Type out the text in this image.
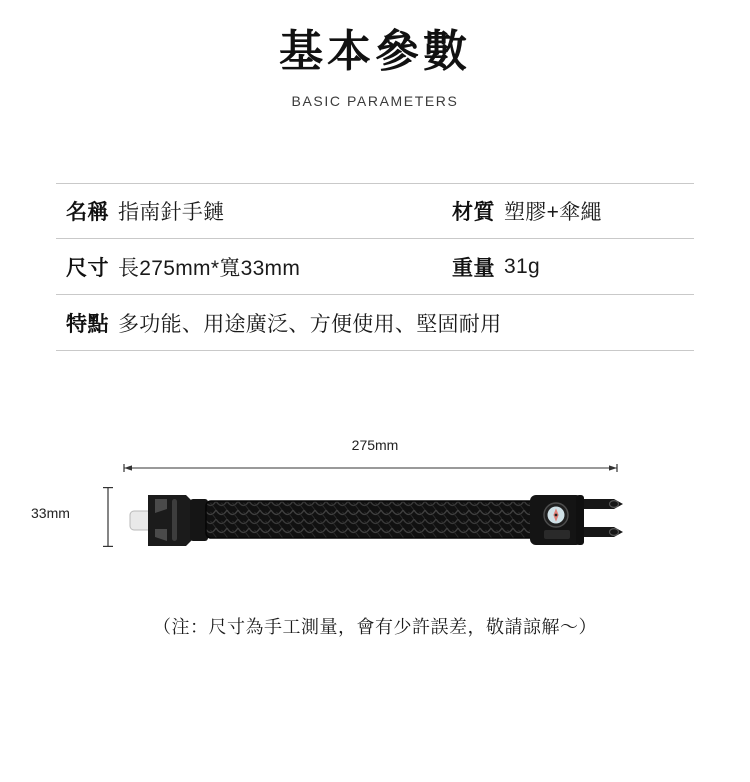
基本參數
BASIC PARAMETERS
名稱 指南針手鏈	材質 塑膠+傘繩
尺寸 長275mm*寬33mm	重量 31g
特點 多功能、用途廣泛、方便使用、堅固耐用
275mm
33mm
（注：尺寸為手工測量，會有少許誤差，敬請諒解～）
